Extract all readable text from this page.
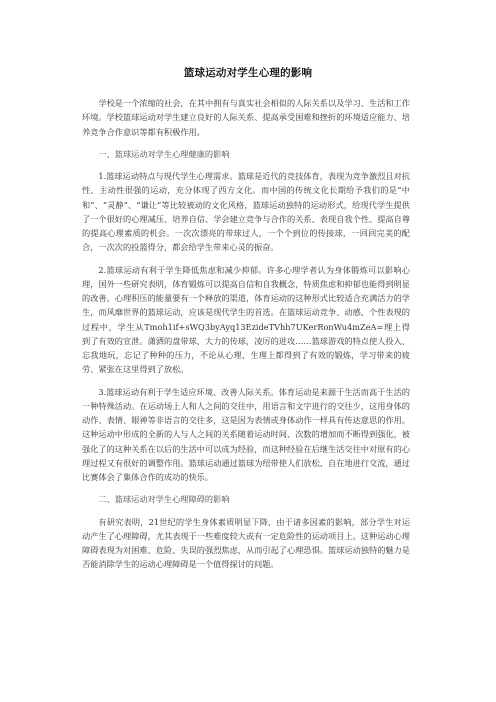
篮球运动对学生心理的影响

学校是一个浓缩的社会，在其中拥有与真实社会相似的人际关系以及学习、生活和工作环境。学校篮球运动对学生建立良好的人际关系、提高承受困难和挫折的环境适应能力、培养竞争合作意识等都有积极作用。

一、篮球运动对学生心理健康的影响

1.篮球运动特点与现代学生心理需求。篮球是近代的竞技体育，表现为竞争激烈且对抗性、主动性很强的运动，充分体现了西方文化。而中国的传统文化长期给予我们的是“中和”、“灵静”、“谦让”等比较被动的文化风格，篮球运动独特的运动形式，给现代学生提供了一个很好的心理减压、培养自信、学会建立竞争与合作的关系、表现自我个性、提高自尊的提高心理素质的机会。一次次漂亮的带球过人，一个个到位的传接球，一回回完美的配合，一次次的投篮得分，都会给学生带来心灵的振奋。

2.篮球运动有利于学生降低焦虑和减少抑郁。许多心理学者认为身体锻炼可以影响心理，国外一些研究表明，体育锻炼可以提高自信和自我概念，特质焦虑和抑郁也能得到明显的改善。心理积压的能量要有一个释放的渠道，体育运动的这种形式比较适合充满活力的学生，而风靡世界的篮球运动，应该是现代学生的首选。在篮球运动竞争、动感、个性表现的过程中，学生从Tmoh1if+sWQ3byAyq13EzideTVhh7UKerRonWu4mZeA=理上得到了有效的宣泄。潇洒的盘带球，大力的传球，凌厉的进攻……篮球游戏的特点使人投入、忘我地玩，忘记了种种的压力，不论从心理、生理上都得到了有效的锻炼，学习带来的疲劳、紧张在这里得到了放松。

3.篮球运动有利于学生适应环境、改善人际关系。体育运动是来源于生活而高于生活的一种特殊活动。在运动场上人和人之间的交往中，用语言和文字进行的交往少，这用身体的动作、表情、眼神等非语言的交往多，这是因为表情或身体动作一样具有传达意思的作用。这种运动中形成的全新的人与人之间的关系随着运动时间、次数的增加而不断得到强化，被强化了的这种关系在以后的生活中可以成为经验，而这种经验在后继生活交往中对原有的心理过程又有很好的调整作用。篮球运动通过篮球为纽带使人们放松、自在地进行交流，通过比赛体会了集体合作的成功的快乐。

二、篮球运动对学生心理障碍的影响

有研究表明，21世纪的学生身体素质明显下降，由于诸多因素的影响，部分学生对运动产生了心理障碍，尤其表现于一些难度较大或有一定危险性的运动项目上。这种运动心理障碍表现为对困难、危险、失误的强烈焦虑，从而引起了心理恐惧。篮球运动独特的魅力是否能消除学生的运动心理障碍是一个值得探讨的问题。
